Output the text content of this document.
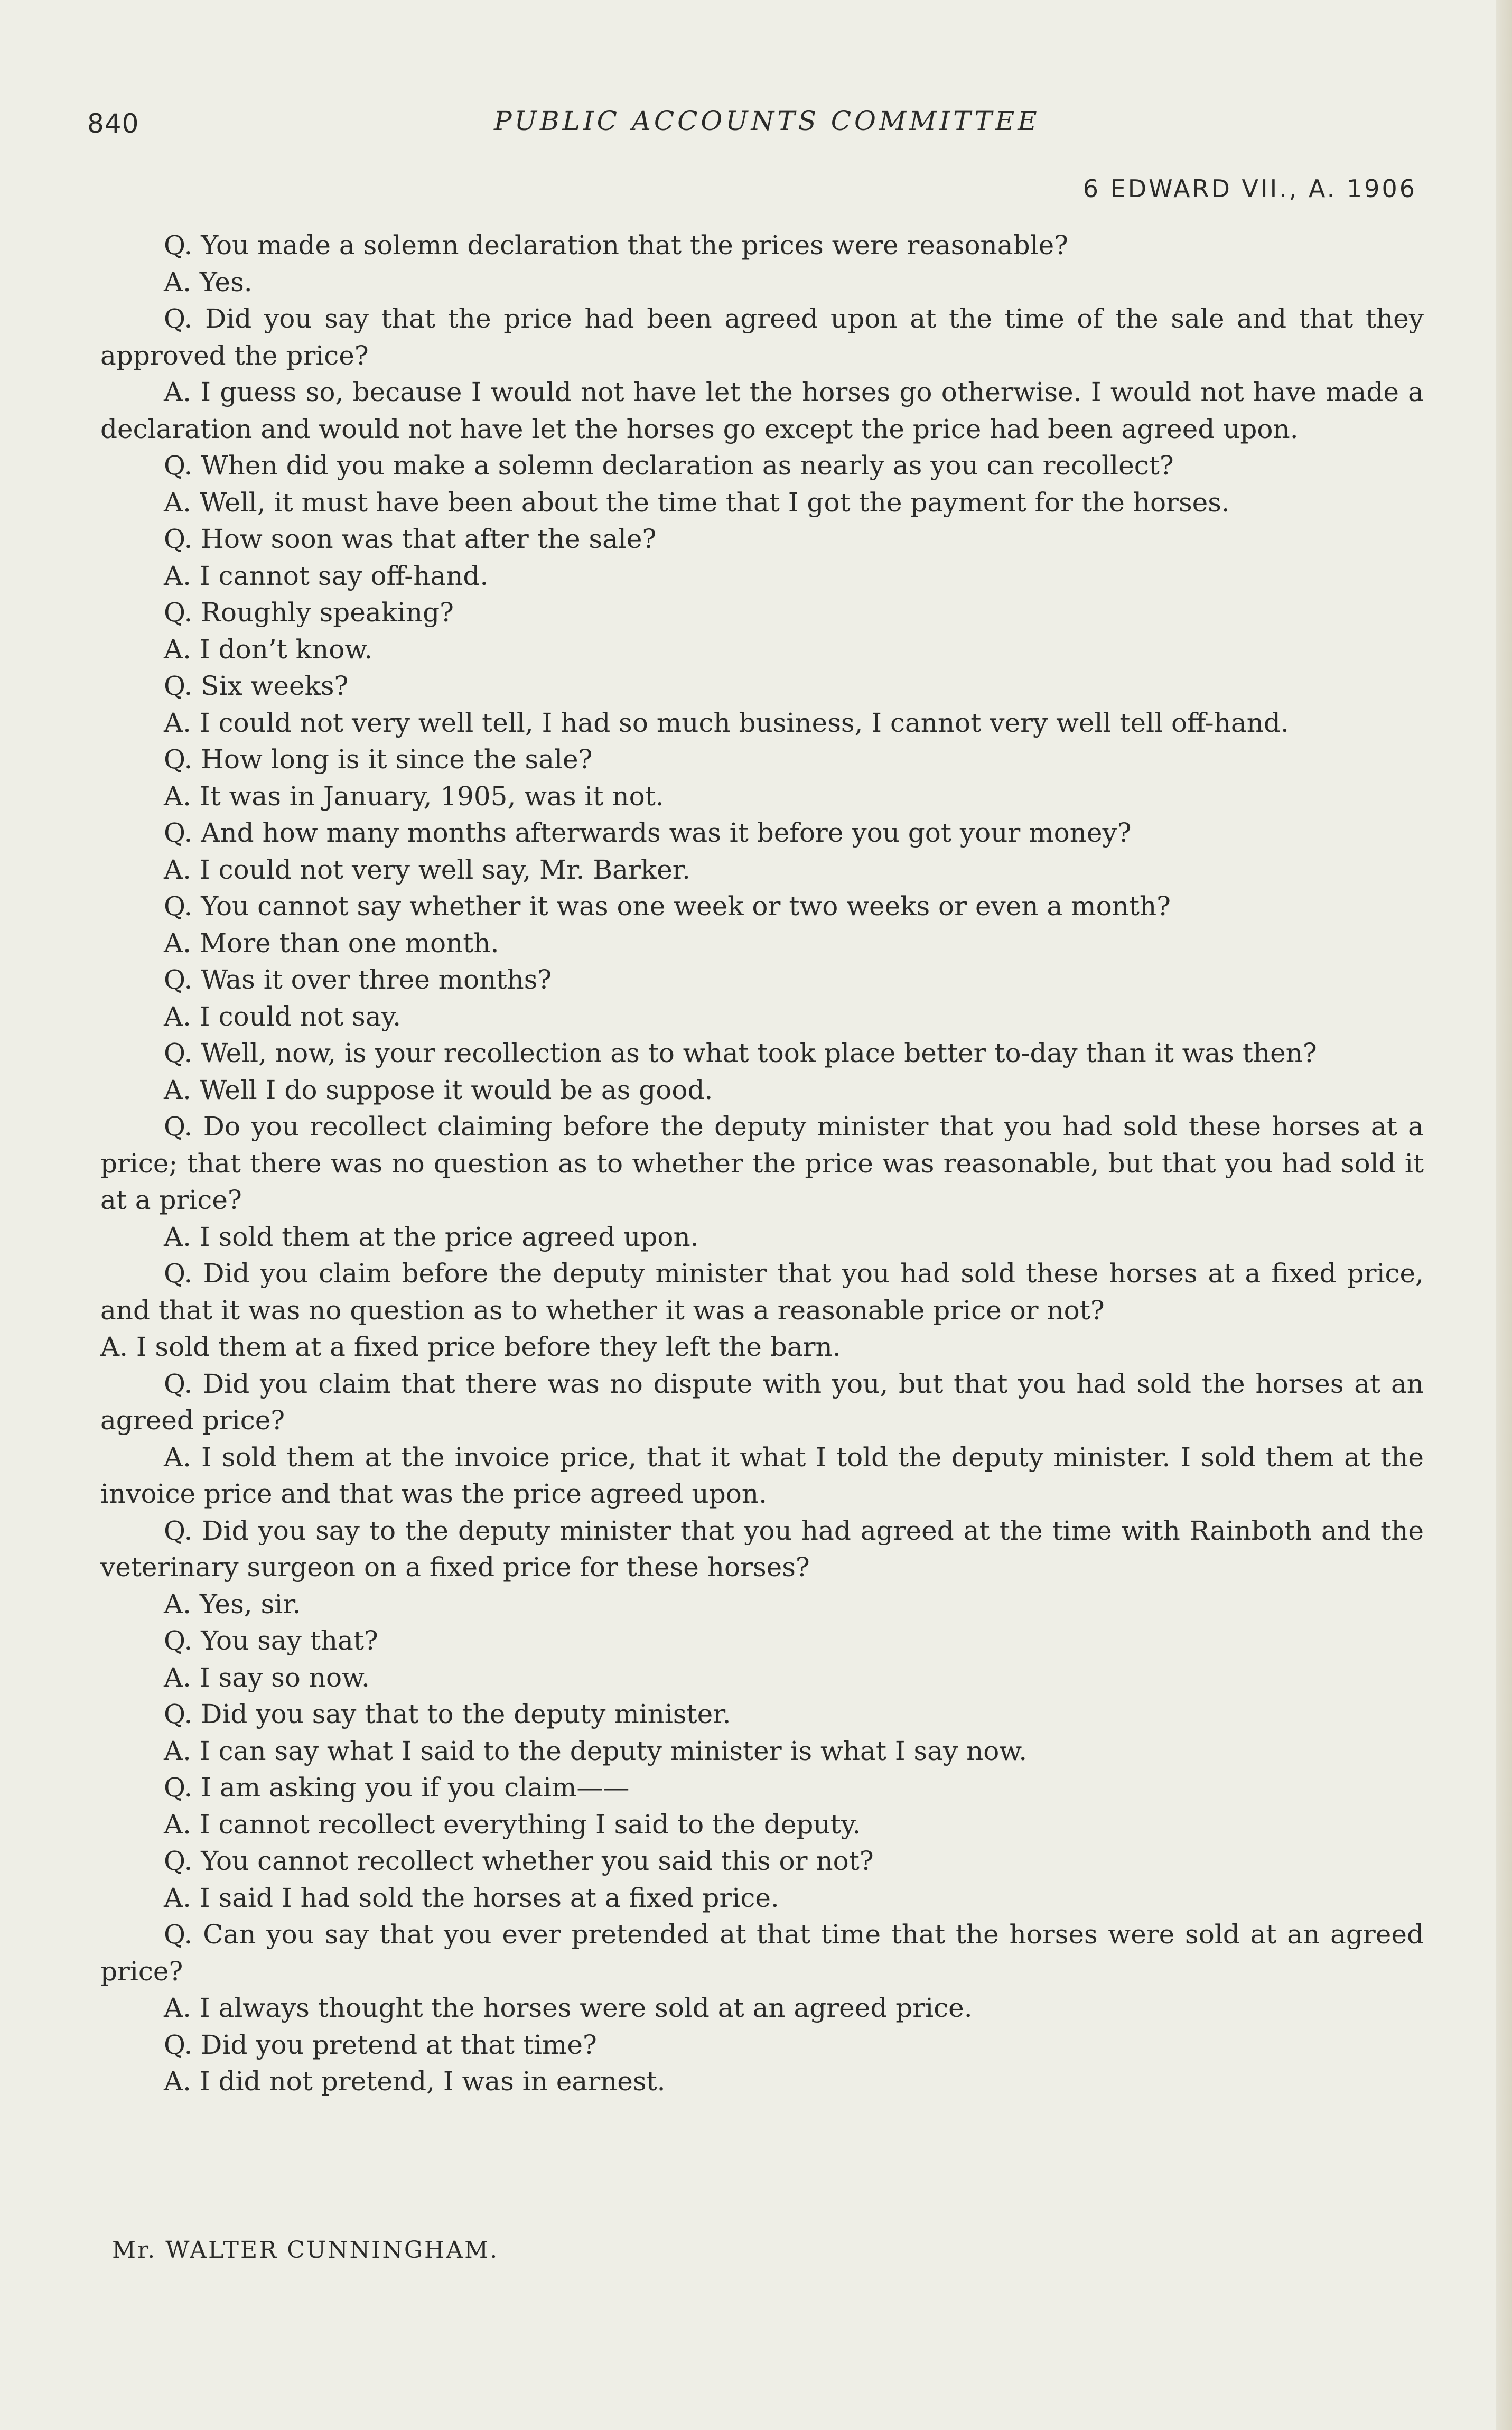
840	PUBLIC ACCOUNTS COMMITTEE
6 EDWARD VII., A. 1906

Q. You made a solemn declaration that the prices were reasonable?

A. Yes.

Q. Did you say that the price had been agreed upon at the time of the sale and that they approved the price?

A. I guess so, because I would not have let the horses go otherwise. I would not have made a declaration and would not have let the horses go except the price had been agreed upon.

Q. When did you make a solemn declaration as nearly as you can recollect?

A. Well, it must have been about the time that I got the payment for the horses.

Q. How soon was that after the sale?

A. I cannot say off-hand.

Q. Roughly speaking?

A. I don’t know.

Q. Six weeks?

A. I could not very well tell, I had so much business, I cannot very well tell off-hand.

Q. How long is it since the sale?

A. It was in January, 1905, was it not.

Q. And how many months afterwards was it before you got your money?

A. I could not very well say, Mr. Barker.

Q. You cannot say whether it was one week or two weeks or even a month?

A. More than one month.

Q. Was it over three months?

A. I could not say.

Q. Well, now, is your recollection as to what took place better to-day than it was then?

A. Well I do suppose it would be as good.

Q. Do you recollect claiming before the deputy minister that you had sold these horses at a price; that there was no question as to whether the price was reasonable, but that you had sold it at a price?

A. I sold them at the price agreed upon.

Q. Did you claim before the deputy minister that you had sold these horses at a fixed price, and that it was no question as to whether it was a reasonable price or not?

A. I sold them at a fixed price before they left the barn.

Q. Did you claim that there was no dispute with you, but that you had sold the horses at an agreed price?

A. I sold them at the invoice price, that it what I told the deputy minister. I sold them at the invoice price and that was the price agreed upon.

Q. Did you say to the deputy minister that you had agreed at the time with Rainboth and the veterinary surgeon on a fixed price for these horses?

A. Yes, sir.

Q. You say that?

A. I say so now.

Q. Did you say that to the deputy minister.

A. I can say what I said to the deputy minister is what I say now.

Q. I am asking you if you claim——

A. I cannot recollect everything I said to the deputy.

Q. You cannot recollect whether you said this or not?

A. I said I had sold the horses at a fixed price.

Q. Can you say that you ever pretended at that time that the horses were sold at an agreed price?

A. I always thought the horses were sold at an agreed price.

Q. Did you pretend at that time?

A. I did not pretend, I was in earnest.

Mr. WALTER CUNNINGHAM.
